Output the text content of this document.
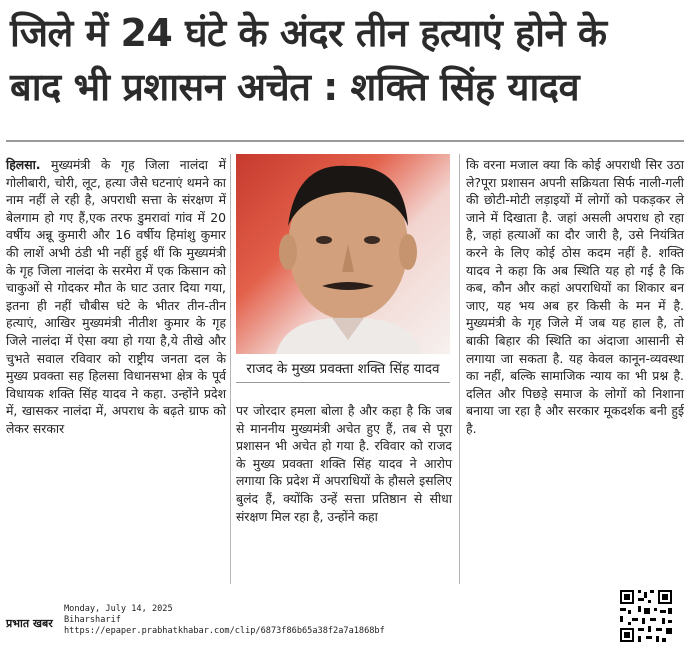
जिले में 24 घंटे के अंदर तीन हत्याएं होने के
बाद भी प्रशासन अचेत : शक्ति सिंह यादव

हिलसा. मुख्यमंत्री के गृह जिला नालंदा में गोलीबारी, चोरी, लूट, हत्या जैसे घटनाएं थमने का नाम नहीं ले रही है, अपराधी सत्ता के संरक्षण में बेलगाम हो गए हैं,एक तरफ डुमरावां गांव में 20 वर्षीय अन्नू कुमारी और 16 वर्षीय हिमांशु कुमार की लाशें अभी ठंडी भी नहीं हुई थीं कि मुख्यमंत्री के गृह जिला नालंदा के सरमेरा में एक किसान को चाकुओं से गोदकर मौत के घाट उतार दिया गया, इतना ही नहीं चौबीस घंटे के भीतर तीन-तीन हत्याएं, आखिर मुख्यमंत्री नीतीश कुमार के गृह जिले नालंदा में ऐसा क्या हो गया है,ये तीखे और चुभते सवाल रविवार को राष्ट्रीय जनता दल के मुख्य प्रवक्ता सह हिलसा विधानसभा क्षेत्र के पूर्व विधायक शक्ति सिंह यादव ने कहा. उन्होंने प्रदेश में, खासकर नालंदा में, अपराध के बढ़ते ग्राफ को लेकर सरकार

राजद के मुख्य प्रवक्ता शक्ति सिंह यादव

पर जोरदार हमला बोला है और कहा है कि जब से माननीय मुख्यमंत्री अचेत हुए हैं, तब से पूरा प्रशासन भी अचेत हो गया है. रविवार को राजद के मुख्य प्रवक्ता शक्ति सिंह यादव ने आरोप लगाया कि प्रदेश में अपराधियों के हौसले इसलिए बुलंद हैं, क्योंकि उन्हें सत्ता प्रतिष्ठान से सीधा संरक्षण मिल रहा है, उन्होंने कहा

कि वरना मजाल क्या कि कोई अपराधी सिर उठा ले?पूरा प्रशासन अपनी सक्रियता सिर्फ नाली-गली की छोटी-मोटी लड़ाइयों में लोगों को पकड़कर ले जाने में दिखाता है. जहां असली अपराध हो रहा है, जहां हत्याओं का दौर जारी है, उसे नियंत्रित करने के लिए कोई ठोस कदम नहीं है. शक्ति यादव ने कहा कि अब स्थिति यह हो गई है कि कब, कौन और कहां अपराधियों का शिकार बन जाए, यह भय अब हर किसी के मन में है. मुख्यमंत्री के गृह जिले में जब यह हाल है, तो बाकी बिहार की स्थिति का अंदाजा आसानी से लगाया जा सकता है. यह केवल कानून-व्यवस्था का नहीं, बल्कि सामाजिक न्याय का भी प्रश्न है. दलित और पिछड़े समाज के लोगों को निशाना बनाया जा रहा है और सरकार मूकदर्शक बनी हुई है.

प्रभात खबर
Monday, July 14, 2025
Biharsharif
https://epaper.prabhatkhabar.com/clip/6873f86b65a38f2a7a1868bf
